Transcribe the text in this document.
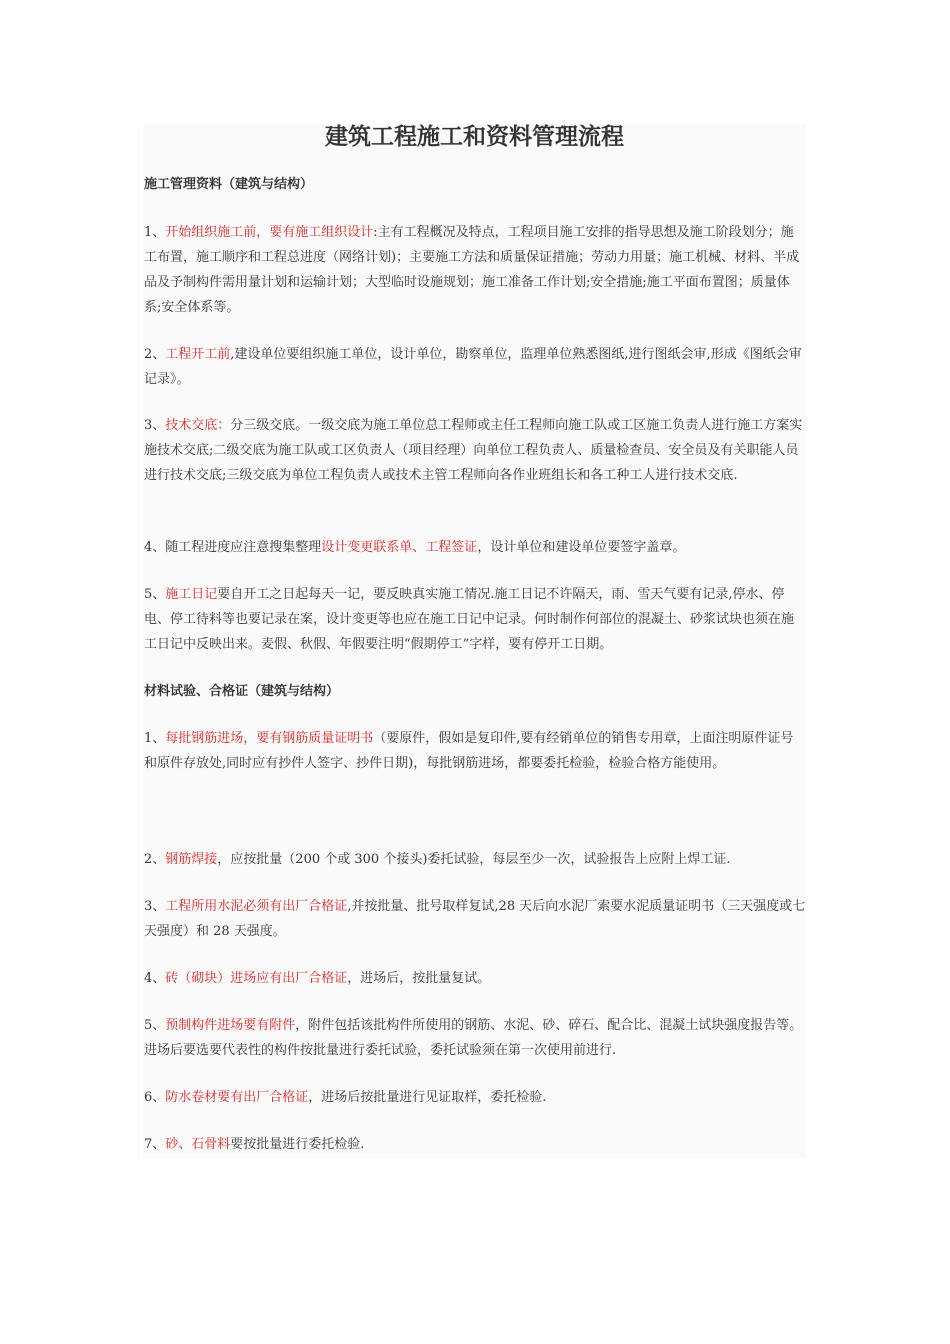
建筑工程施工和资料管理流程

施工管理资料（建筑与结构）

1、开始组织施工前，要有施工组织设计:主有工程概况及特点，工程项目施工安排的指导思想及施工阶段划分；施工布置，施工顺序和工程总进度（网络计划)；主要施工方法和质量保证措施；劳动力用量；施工机械、材料、半成品及予制构件需用量计划和运输计划；大型临时设施规划；施工准备工作计划;安全措施;施工平面布置图；质量体系;安全体系等。

2、工程开工前,建设单位要组织施工单位，设计单位，勘察单位，监理单位熟悉图纸,进行图纸会审,形成《图纸会审记录》。

3、技术交底：分三级交底。一级交底为施工单位总工程师或主任工程师向施工队或工区施工负责人进行施工方案实施技术交底;二级交底为施工队或工区负责人（项目经理）向单位工程负责人、质量检查员、安全员及有关职能人员进行技术交底;三级交底为单位工程负责人或技术主管工程师向各作业班组长和各工种工人进行技术交底.

4、随工程进度应注意搜集整理设计变更联系单、工程签证，设计单位和建设单位要签字盖章。

5、施工日记要自开工之日起每天一记，要反映真实施工情况.施工日记不许隔天，雨、雪天气要有记录,停水、停电、停工待料等也要记录在案，设计变更等也应在施工日记中记录。何时制作何部位的混凝土、砂浆试块也须在施工日记中反映出来。麦假、秋假、年假要注明“假期停工”字样，要有停开工日期。

材料试验、合格证（建筑与结构）

1、每批钢筋进场，要有钢筋质量证明书（要原件，假如是复印件,要有经销单位的销售专用章，上面注明原件证号和原件存放处,同时应有抄件人签字、抄件日期)，每批钢筋进场，都要委托检验，检验合格方能使用。

2、钢筋焊接，应按批量（200 个或 300 个接头)委托试验，每层至少一次，试验报告上应附上焊工证.

3、工程所用水泥必须有出厂合格证,并按批量、批号取样复试,28 天后向水泥厂索要水泥质量证明书（三天强度或七天强度）和 28 天强度。

4、砖（砌块）进场应有出厂合格证，进场后，按批量复试。

5、预制构件进场要有附件，附件包括该批构件所使用的钢筋、水泥、砂、碎石、配合比、混凝土试块强度报告等。进场后要选要代表性的构件按批量进行委托试验，委托试验须在第一次使用前进行.

6、防水卷材要有出厂合格证，进场后按批量进行见证取样，委托检验.

7、砂、石骨料要按批量进行委托检验.
